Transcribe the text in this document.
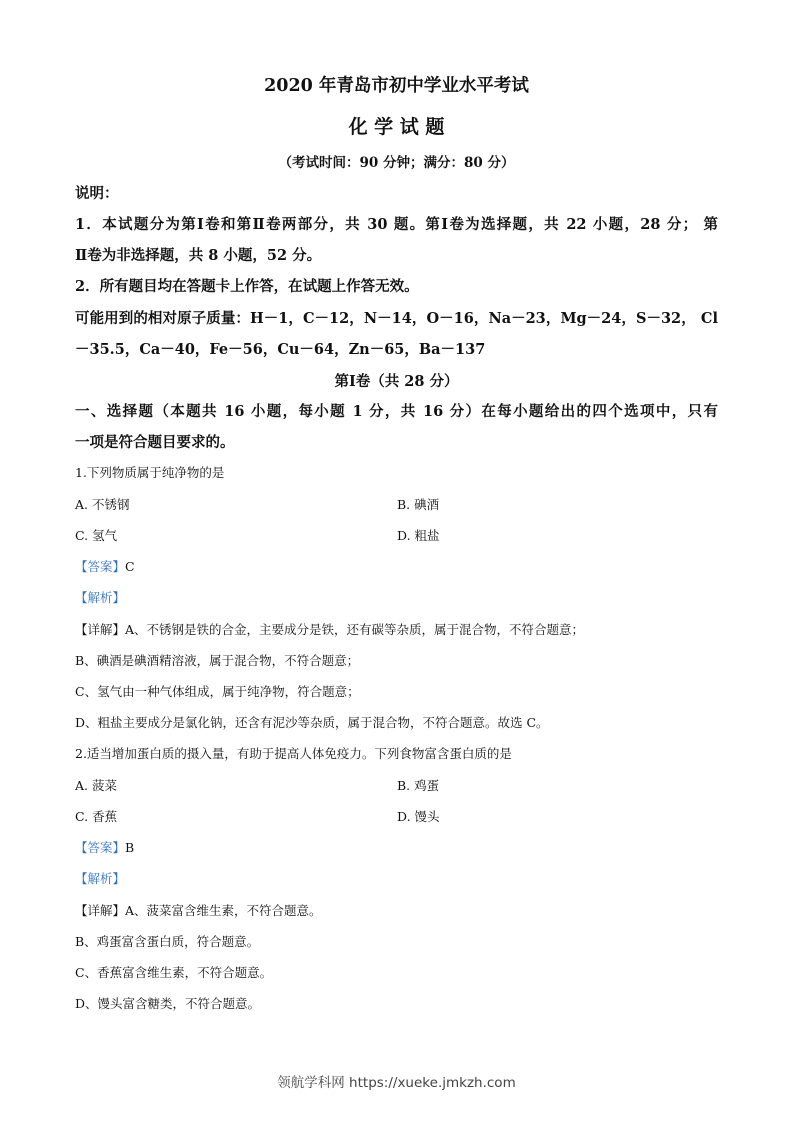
2020 年青岛市初中学业水平考试
化 学 试 题
（考试时间：90 分钟；满分：80 分）
说明：
1．本试题分为第Ⅰ卷和第Ⅱ卷两部分，共 30 题。第Ⅰ卷为选择题，共 22 小题，28 分； 第
Ⅱ卷为非选择题，共 8 小题，52 分。
2．所有题目均在答题卡上作答，在试题上作答无效。
可能用到的相对原子质量：H－1，C－12，N－14，O－16，Na－23，Mg－24，S－32， Cl
－35.5，Ca－40，Fe－56，Cu－64，Zn－65，Ba－137
第Ⅰ卷（共 28 分）
一、选择题（本题共 16 小题，每小题 1 分，共 16 分）在每小题给出的四个选项中，只有
一项是符合题目要求的。
1.下列物质属于纯净物的是
A. 不锈钢	B. 碘酒
C. 氢气	D. 粗盐
【答案】C
【解析】
【详解】A、不锈钢是铁的合金，主要成分是铁，还有碳等杂质，属于混合物，不符合题意；
B、碘酒是碘酒精溶液，属于混合物，不符合题意；
C、氢气由一种气体组成，属于纯净物，符合题意；
D、粗盐主要成分是氯化钠，还含有泥沙等杂质，属于混合物，不符合题意。故选 C。
2.适当增加蛋白质的摄入量，有助于提高人体免疫力。下列食物富含蛋白质的是
A. 菠菜	B. 鸡蛋
C. 香蕉	D. 馒头
【答案】B
【解析】
【详解】A、菠菜富含维生素，不符合题意。
B、鸡蛋富含蛋白质，符合题意。
C、香蕉富含维生素，不符合题意。
D、馒头富含糖类，不符合题意。
领航学科网 https://xueke.jmkzh.com
